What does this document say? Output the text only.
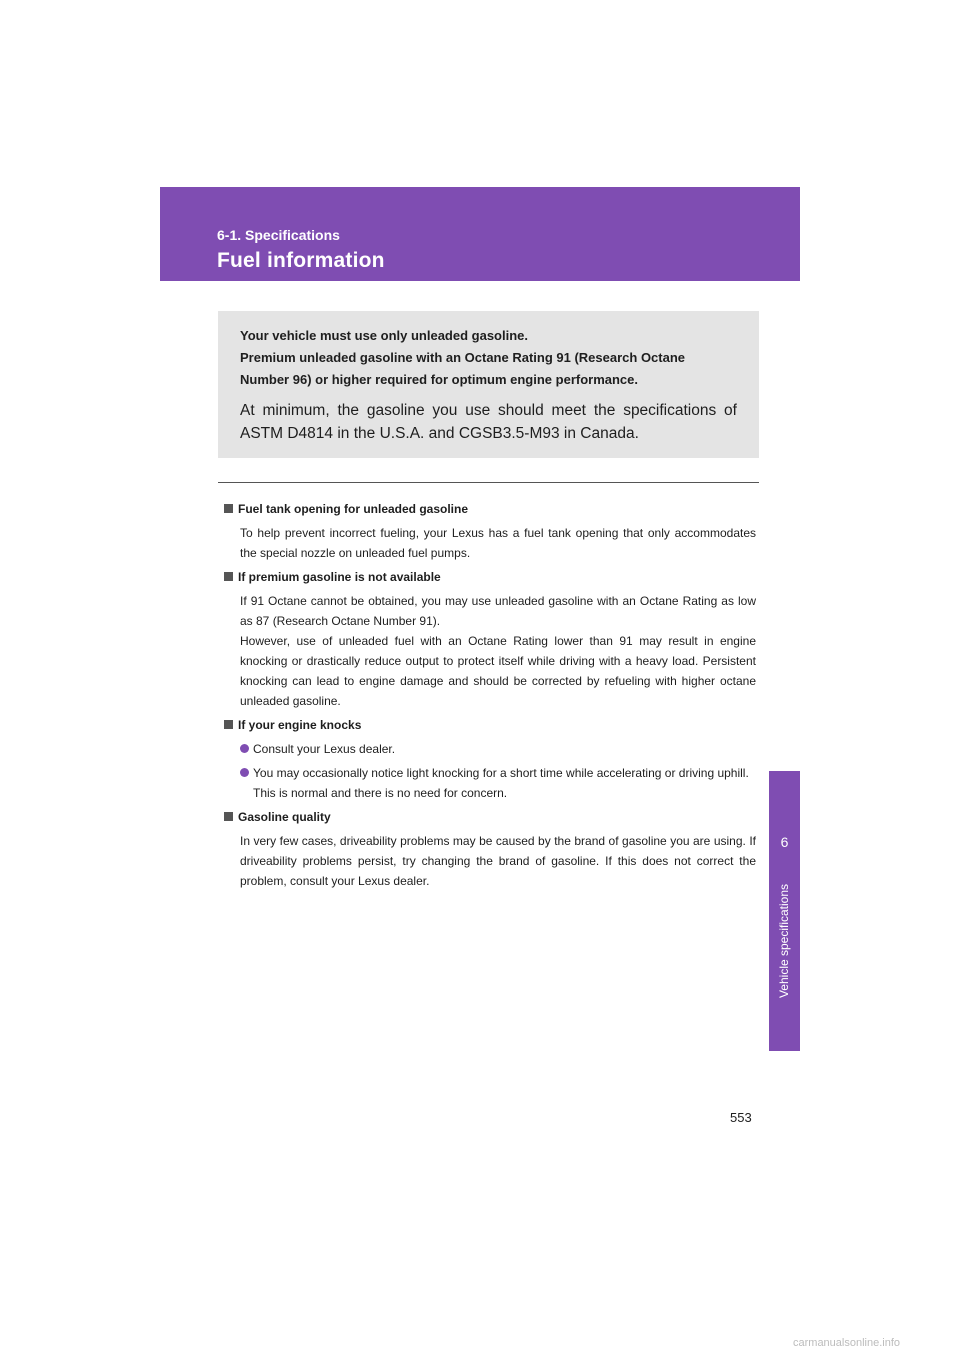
6-1. Specifications
Fuel information
6
Vehicle specifications

Your vehicle must use only unleaded gasoline.

Premium unleaded gasoline with an Octane Rating 91 (Research Octane Number 96) or higher required for optimum engine performance.

At minimum, the gasoline you use should meet the specifications of ASTM D4814 in the U.S.A. and CGSB3.5-M93 in Canada.

Fuel tank opening for unleaded gasoline

To help prevent incorrect fueling, your Lexus has a fuel tank opening that only accommodates the special nozzle on unleaded fuel pumps.

If premium gasoline is not available

If 91 Octane cannot be obtained, you may use unleaded gasoline with an Octane Rating as low as 87 (Research Octane Number 91).
However, use of unleaded fuel with an Octane Rating lower than 91 may result in engine knocking or drastically reduce output to protect itself while driving with a heavy load. Persistent knocking can lead to engine damage and should be corrected by refueling with higher octane unleaded gasoline.

If your engine knocks

Consult your Lexus dealer.
You may occasionally notice light knocking for a short time while accelerating or driving uphill. This is normal and there is no need for concern.

Gasoline quality

In very few cases, driveability problems may be caused by the brand of gasoline you are using. If driveability problems persist, try changing the brand of gasoline. If this does not correct the problem, consult your Lexus dealer.

553
carmanualsonline.info
